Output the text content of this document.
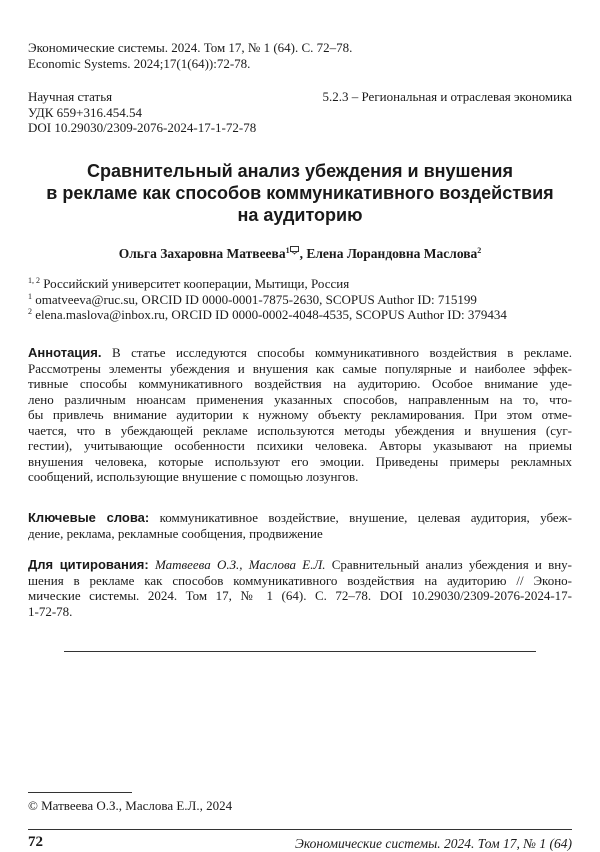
Экономические системы. 2024. Том 17, № 1 (64). С. 72–78.
Economic Systems. 2024;17(1(64)):72-78.
Научная статья
УДК 659+316.454.54
DOI 10.29030/2309-2076-2024-17-1-72-78
5.2.3 – Региональная и отраслевая экономика
Сравнительный анализ убеждения и внушения
в рекламе как способов коммуникативного воздействия
на аудиторию
Ольга Захаровна Матвеева$^1$ , Елена Лорандовна Маслова$^2$
$^{1, 2}$ Российский университет кооперации, Мытищи, Россия
$^1$ omatveeva@ruc.su, ORCID ID 0000-0001-7875-2630, SCOPUS Author ID: 715199
$^2$ elena.maslova@inbox.ru, ORCID ID 0000-0002-4048-4535, SCOPUS Author ID: 379434
Аннотация. В статье исследуются способы коммуникативного воздействия в рекламе.
Рассмотрены элементы убеждения и внушения как самые популярные и наиболее эффек-
тивные способы коммуникативного воздействия на аудиторию. Особое внимание уде-
лено различным нюансам применения указанных способов, направленным на то, что-
бы привлечь внимание аудитории к нужному объекту рекламирования. При этом отме-
чается, что в убеждающей рекламе используются методы убеждения и внушения (суг-
гестии), учитывающие особенности психики человека. Авторы указывают на приемы
внушения человека, которые используют его эмоции. Приведены примеры рекламных
сообщений, использующие внушение с помощью лозунгов.
Ключевые слова: коммуникативное воздействие, внушение, целевая аудитория, убеж-
дение, реклама, рекламные сообщения, продвижение
Для цитирования: Матвеева О.З., Маслова Е.Л. Сравнительный анализ убеждения и вну-
шения в рекламе как способов коммуникативного воздействия на аудиторию // Эконо-
мические системы. 2024. Том 17, № 1 (64). С. 72–78. DOI 10.29030/2309-2076-2024-17-
1-72-78.
© Матвеева О.З., Маслова Е.Л., 2024
72	Экономические системы. 2024. Том 17, № 1 (64)
